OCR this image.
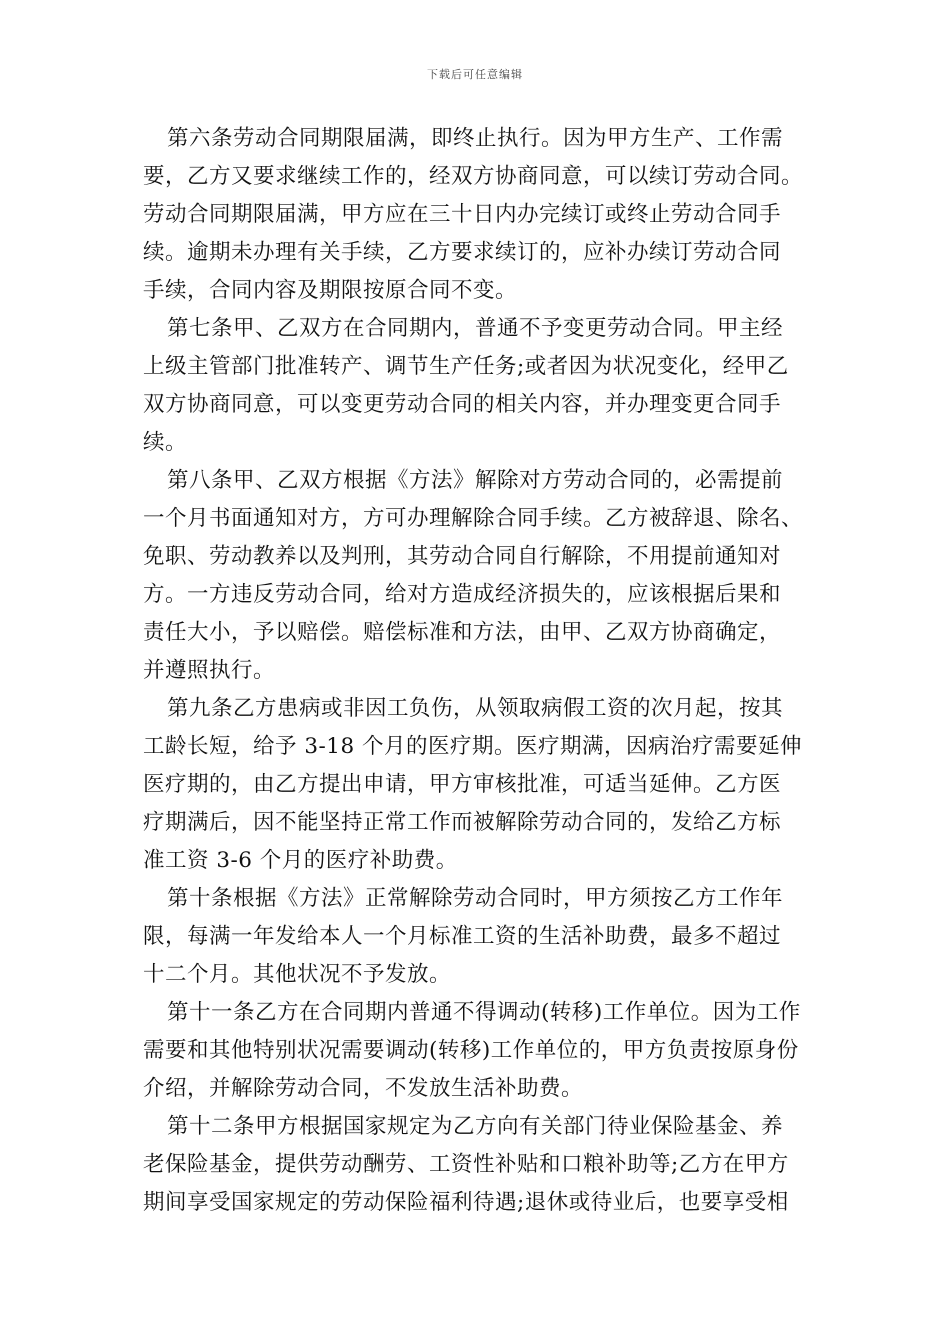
下载后可任意编辑
第六条劳动合同期限届满，即终止执行。因为甲方生产、工作需
要，乙方又要求继续工作的，经双方协商同意，可以续订劳动合同。
劳动合同期限届满，甲方应在三十日内办完续订或终止劳动合同手
续。逾期未办理有关手续，乙方要求续订的，应补办续订劳动合同
手续，合同内容及期限按原合同不变。
第七条甲、乙双方在合同期内，普通不予变更劳动合同。甲主经
上级主管部门批准转产、调节生产任务;或者因为状况变化，经甲乙
双方协商同意，可以变更劳动合同的相关内容，并办理变更合同手
续。
第八条甲、乙双方根据《方法》解除对方劳动合同的，必需提前
一个月书面通知对方，方可办理解除合同手续。乙方被辞退、除名、
免职、劳动教养以及判刑，其劳动合同自行解除，不用提前通知对
方。一方违反劳动合同，给对方造成经济损失的，应该根据后果和
责任大小，予以赔偿。赔偿标准和方法，由甲、乙双方协商确定，
并遵照执行。
第九条乙方患病或非因工负伤，从领取病假工资的次月起，按其
工龄长短，给予 3-18 个月的医疗期。医疗期满，因病治疗需要延伸
医疗期的，由乙方提出申请，甲方审核批准，可适当延伸。乙方医
疗期满后，因不能坚持正常工作而被解除劳动合同的，发给乙方标
准工资 3-6 个月的医疗补助费。
第十条根据《方法》正常解除劳动合同时，甲方须按乙方工作年
限，每满一年发给本人一个月标准工资的生活补助费，最多不超过
十二个月。其他状况不予发放。
第十一条乙方在合同期内普通不得调动(转移)工作单位。因为工作
需要和其他特别状况需要调动(转移)工作单位的，甲方负责按原身份
介绍，并解除劳动合同，不发放生活补助费。
第十二条甲方根据国家规定为乙方向有关部门待业保险基金、养
老保险基金，提供劳动酬劳、工资性补贴和口粮补助等;乙方在甲方
期间享受国家规定的劳动保险福利待遇;退休或待业后，也要享受相
